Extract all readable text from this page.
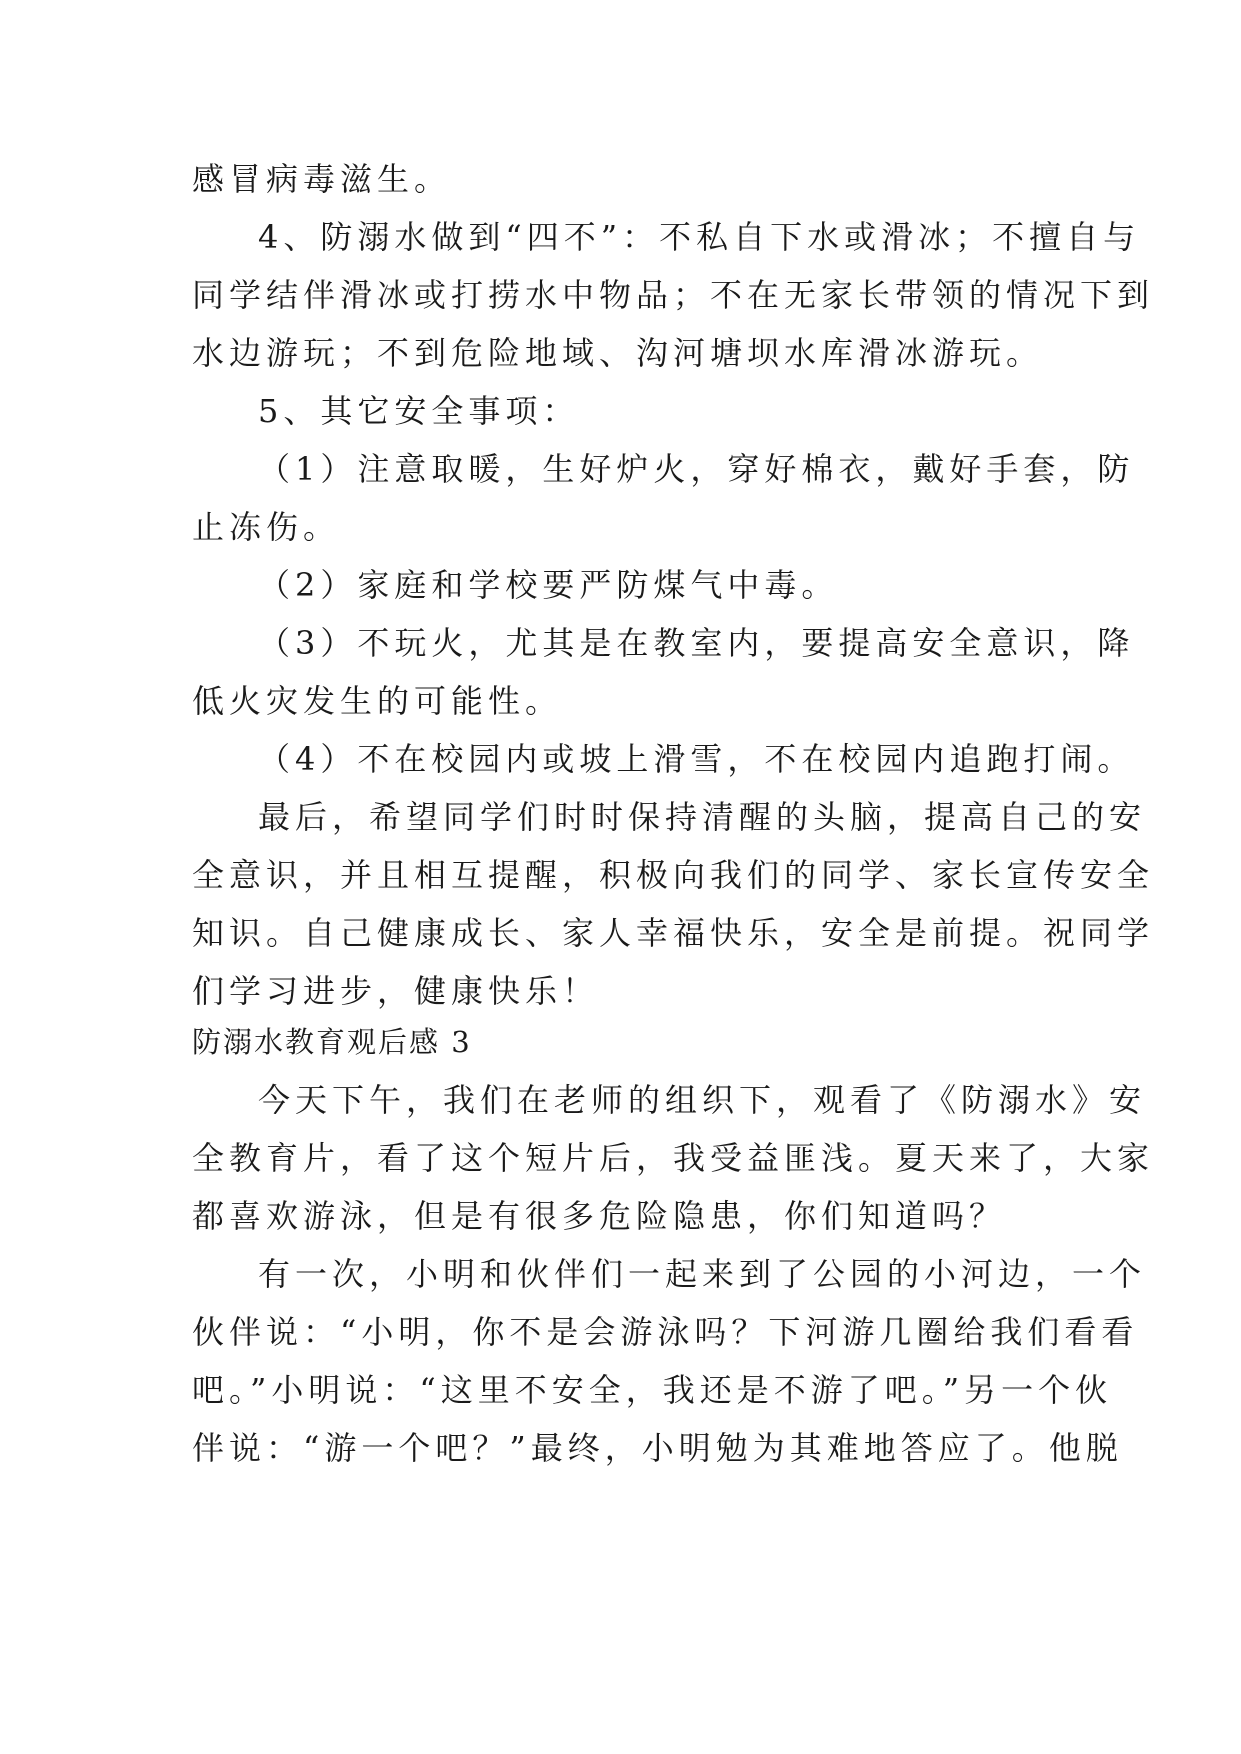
感冒病毒滋生。
4、防溺水做到“四不”：不私自下水或滑冰；不擅自与
同学结伴滑冰或打捞水中物品；不在无家长带领的情况下到
水边游玩；不到危险地域、沟河塘坝水库滑冰游玩。
5、其它安全事项：
（1）注意取暖，生好炉火，穿好棉衣，戴好手套，防
止冻伤。
（2）家庭和学校要严防煤气中毒。
（3）不玩火，尤其是在教室内，要提高安全意识，降
低火灾发生的可能性。
（4）不在校园内或坡上滑雪，不在校园内追跑打闹。
最后，希望同学们时时保持清醒的头脑，提高自己的安
全意识，并且相互提醒，积极向我们的同学、家长宣传安全
知识。自己健康成长、家人幸福快乐，安全是前提。祝同学
们学习进步，健康快乐！
防溺水教育观后感 3
今天下午，我们在老师的组织下，观看了《防溺水》安
全教育片，看了这个短片后，我受益匪浅。夏天来了，大家
都喜欢游泳，但是有很多危险隐患，你们知道吗？
有一次，小明和伙伴们一起来到了公园的小河边，一个
伙伴说：“小明，你不是会游泳吗？下河游几圈给我们看看
吧。”小明说：“这里不安全，我还是不游了吧。”另一个伙
伴说：“游一个吧？”最终，小明勉为其难地答应了。他脱
